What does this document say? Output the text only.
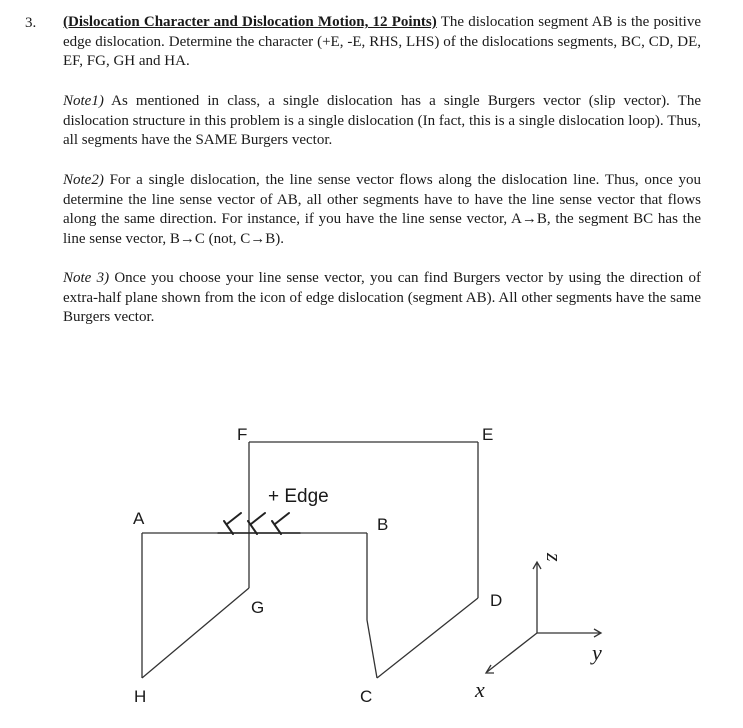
3. (Dislocation Character and Dislocation Motion, 12 Points) The dislocation segment AB is the positive edge dislocation. Determine the character (+E, -E, RHS, LHS) of the dislocations segments, BC, CD, DE, EF, FG, GH and HA.

Note1) As mentioned in class, a single dislocation has a single Burgers vector (slip vector). The dislocation structure in this problem is a single dislocation (In fact, this is a single dislocation loop). Thus, all segments have the SAME Burgers vector.

Note2) For a single dislocation, the line sense vector flows along the dislocation line. Thus, once you determine the line sense vector of AB, all other segments have to have the line sense vector that flows along the same direction. For instance, if you have the line sense vector, A→B, the segment BC has the line sense vector, B→C (not, C→B).

Note 3) Once you choose your line sense vector, you can find Burgers vector by using the direction of extra-half plane shown from the icon of edge dislocation (segment AB). All other segments have the same Burgers vector.

A	B
C
D
E
F
G
H
+ Edge
z
y
x
